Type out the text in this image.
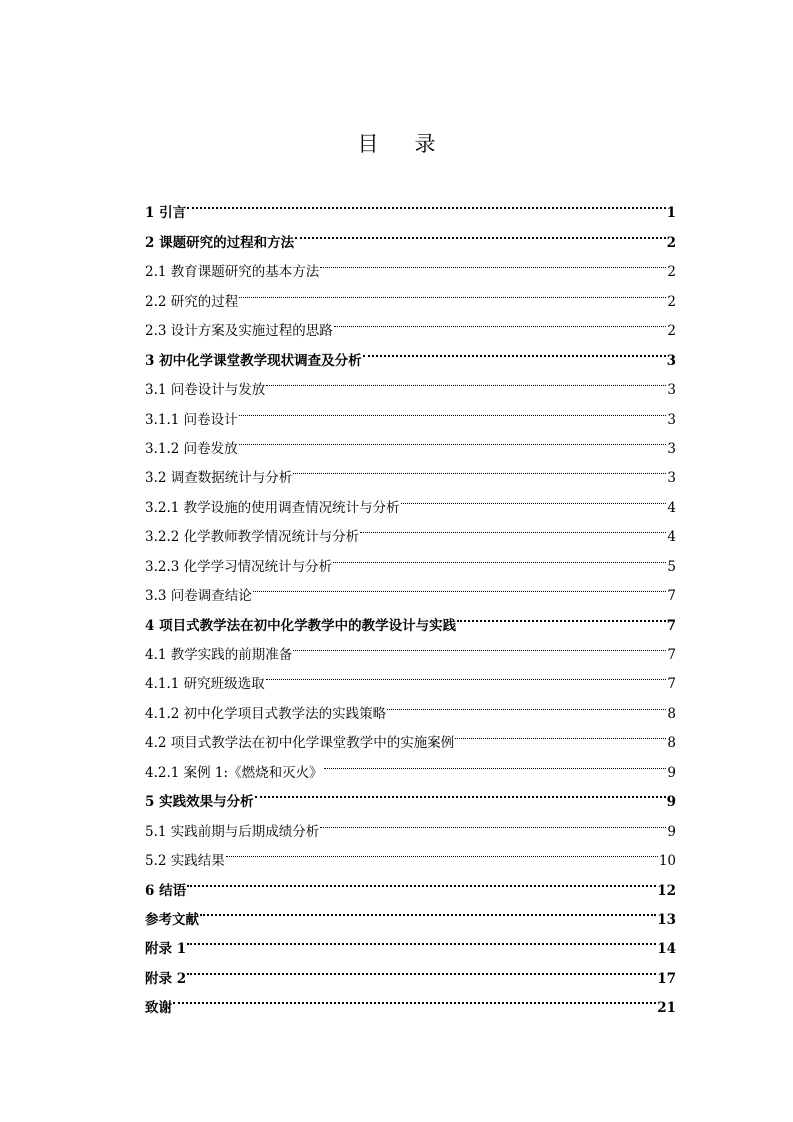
目 录
1 引言	1
2 课题研究的过程和方法	2
2.1 教育课题研究的基本方法	2
2.2 研究的过程	2
2.3 设计方案及实施过程的思路	2
3 初中化学课堂教学现状调查及分析	3
3.1 问卷设计与发放	3
3.1.1 问卷设计	3
3.1.2 问卷发放	3
3.2 调查数据统计与分析	3
3.2.1 教学设施的使用调查情况统计与分析	4
3.2.2 化学教师教学情况统计与分析	4
3.2.3 化学学习情况统计与分析	5
3.3 问卷调查结论	7
4 项目式教学法在初中化学教学中的教学设计与实践	7
4.1 教学实践的前期准备	7
4.1.1 研究班级选取	7
4.1.2 初中化学项目式教学法的实践策略	8
4.2 项目式教学法在初中化学课堂教学中的实施案例	8
4.2.1 案例 1:《燃烧和灭火》	9
5 实践效果与分析	9
5.1 实践前期与后期成绩分析	9
5.2 实践结果	10
6 结语	12
参考文献	13
附录 1	14
附录 2	17
致谢	21
